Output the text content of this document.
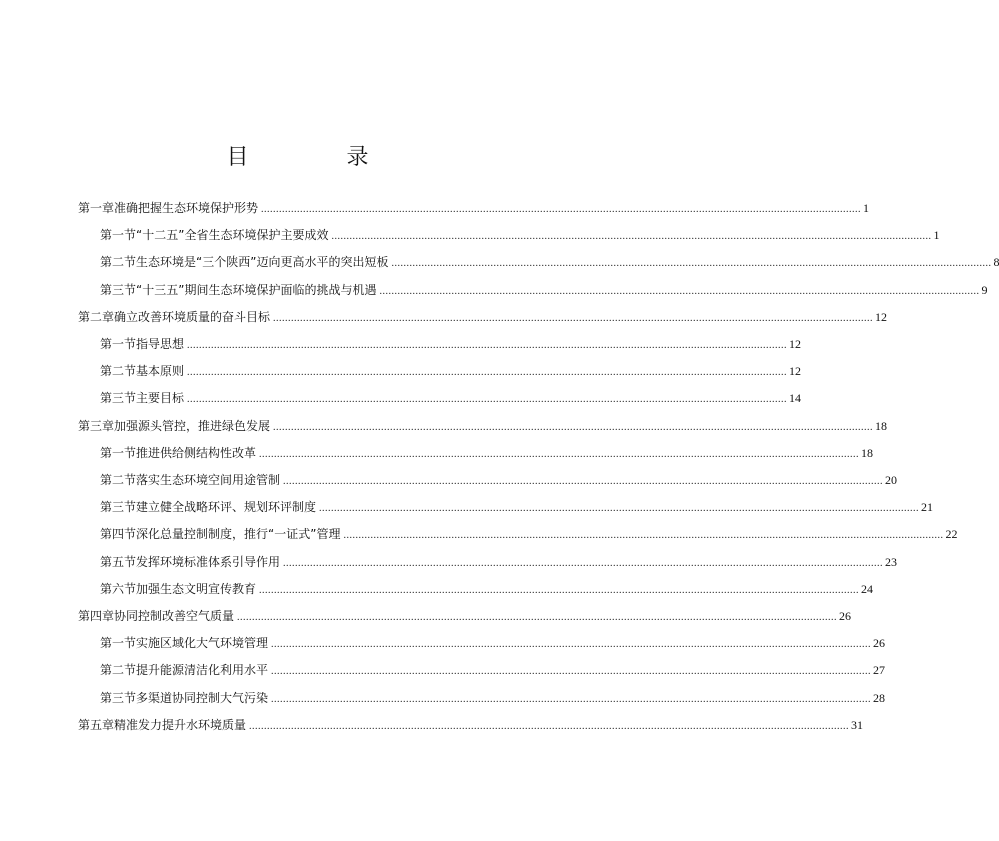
目　录
第一章 准确把握生态环境保护形势 ........................................................................................................................................................................................................ 1
第一节 “十二五”全省生态环境保护主要成效 ........................................................................................................................................................................................................ 1
第二节 生态环境是“三个陕西”迈向更高水平的突出短板 ........................................................................................................................................................................................................ 8
第三节 “十三五”期间生态环境保护面临的挑战与机遇 ........................................................................................................................................................................................................ 9
第二章 确立改善环境质量的奋斗目标 ........................................................................................................................................................................................................ 12
第一节 指导思想 ........................................................................................................................................................................................................ 12
第二节 基本原则 ........................................................................................................................................................................................................ 12
第三节 主要目标 ........................................................................................................................................................................................................ 14
第三章 加强源头管控，推进绿色发展 ........................................................................................................................................................................................................ 18
第一节 推进供给侧结构性改革 ........................................................................................................................................................................................................ 18
第二节 落实生态环境空间用途管制 ........................................................................................................................................................................................................ 20
第三节 建立健全战略环评、规划环评制度 ........................................................................................................................................................................................................ 21
第四节 深化总量控制制度，推行“一证式”管理 ........................................................................................................................................................................................................ 22
第五节 发挥环境标准体系引导作用 ........................................................................................................................................................................................................ 23
第六节 加强生态文明宣传教育 ........................................................................................................................................................................................................ 24
第四章 协同控制改善空气质量 ........................................................................................................................................................................................................ 26
第一节 实施区域化大气环境管理 ........................................................................................................................................................................................................ 26
第二节 提升能源清洁化利用水平 ........................................................................................................................................................................................................ 27
第三节 多渠道协同控制大气污染 ........................................................................................................................................................................................................ 28
第五章 精准发力提升水环境质量 ........................................................................................................................................................................................................ 31
